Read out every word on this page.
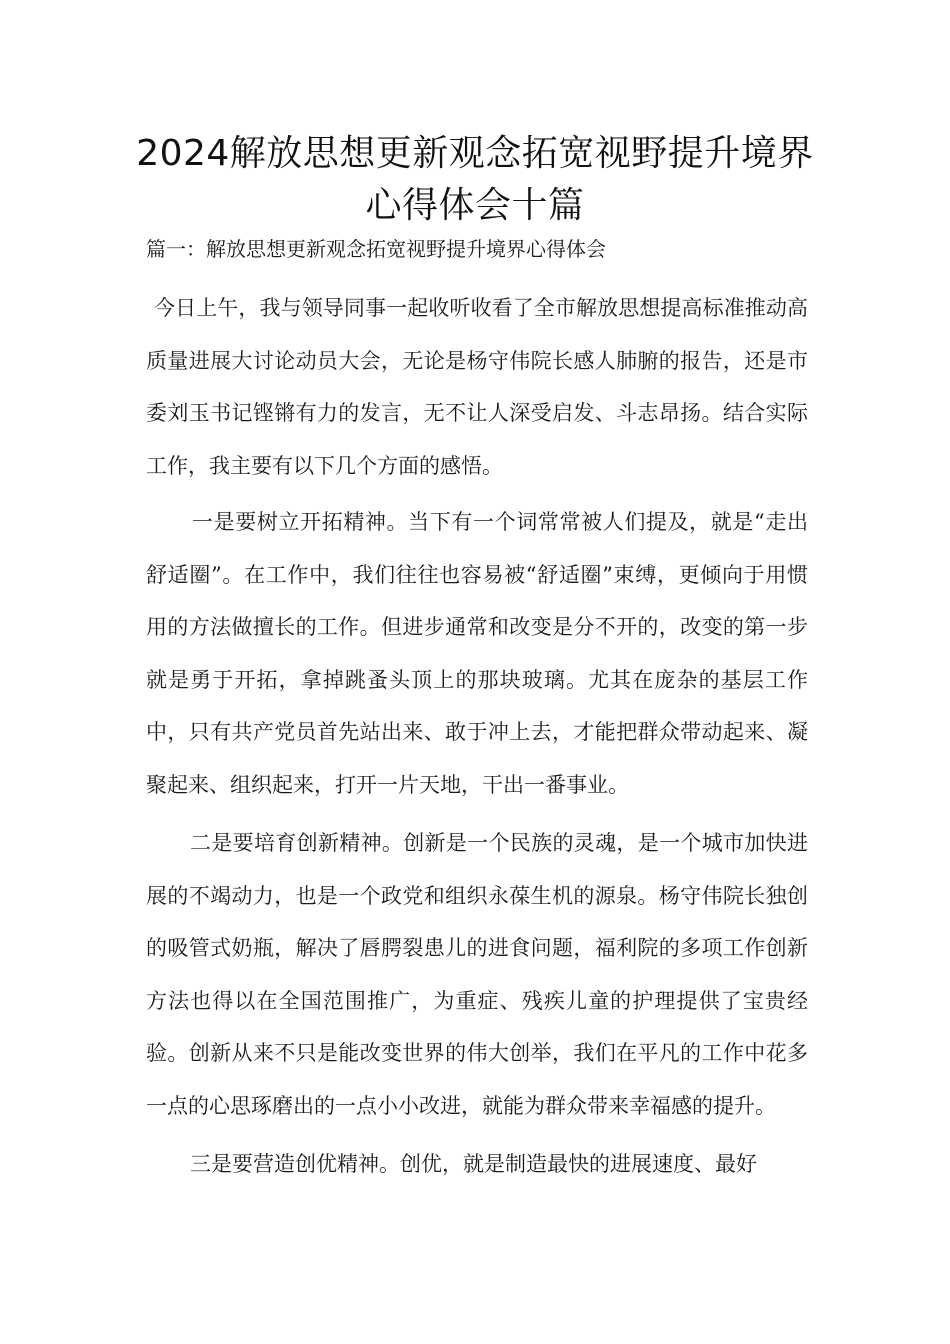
2024解放思想更新观念拓宽视野提升境界心得体会十篇

篇一：解放思想更新观念拓宽视野提升境界心得体会

今日上午，我与领导同事一起收听收看了全市解放思想提高标准推动高质量进展大讨论动员大会，无论是杨守伟院长感人肺腑的报告，还是市委刘玉书记铿锵有力的发言，无不让人深受启发、斗志昂扬。结合实际工作，我主要有以下几个方面的感悟。

一是要树立开拓精神。当下有一个词常常被人们提及，就是“走出舒适圈”。在工作中，我们往往也容易被“舒适圈”束缚，更倾向于用惯用的方法做擅长的工作。但进步通常和改变是分不开的，改变的第一步就是勇于开拓，拿掉跳蚤头顶上的那块玻璃。尤其在庞杂的基层工作中，只有共产党员首先站出来、敢于冲上去，才能把群众带动起来、凝聚起来、组织起来，打开一片天地，干出一番事业。

二是要培育创新精神。创新是一个民族的灵魂，是一个城市加快进展的不竭动力，也是一个政党和组织永葆生机的源泉。杨守伟院长独创的吸管式奶瓶，解决了唇腭裂患儿的进食问题，福利院的多项工作创新方法也得以在全国范围推广，为重症、残疾儿童的护理提供了宝贵经验。创新从来不只是能改变世界的伟大创举，我们在平凡的工作中花多一点的心思琢磨出的一点小小改进，就能为群众带来幸福感的提升。

三是要营造创优精神。创优，就是制造最快的进展速度、最好
